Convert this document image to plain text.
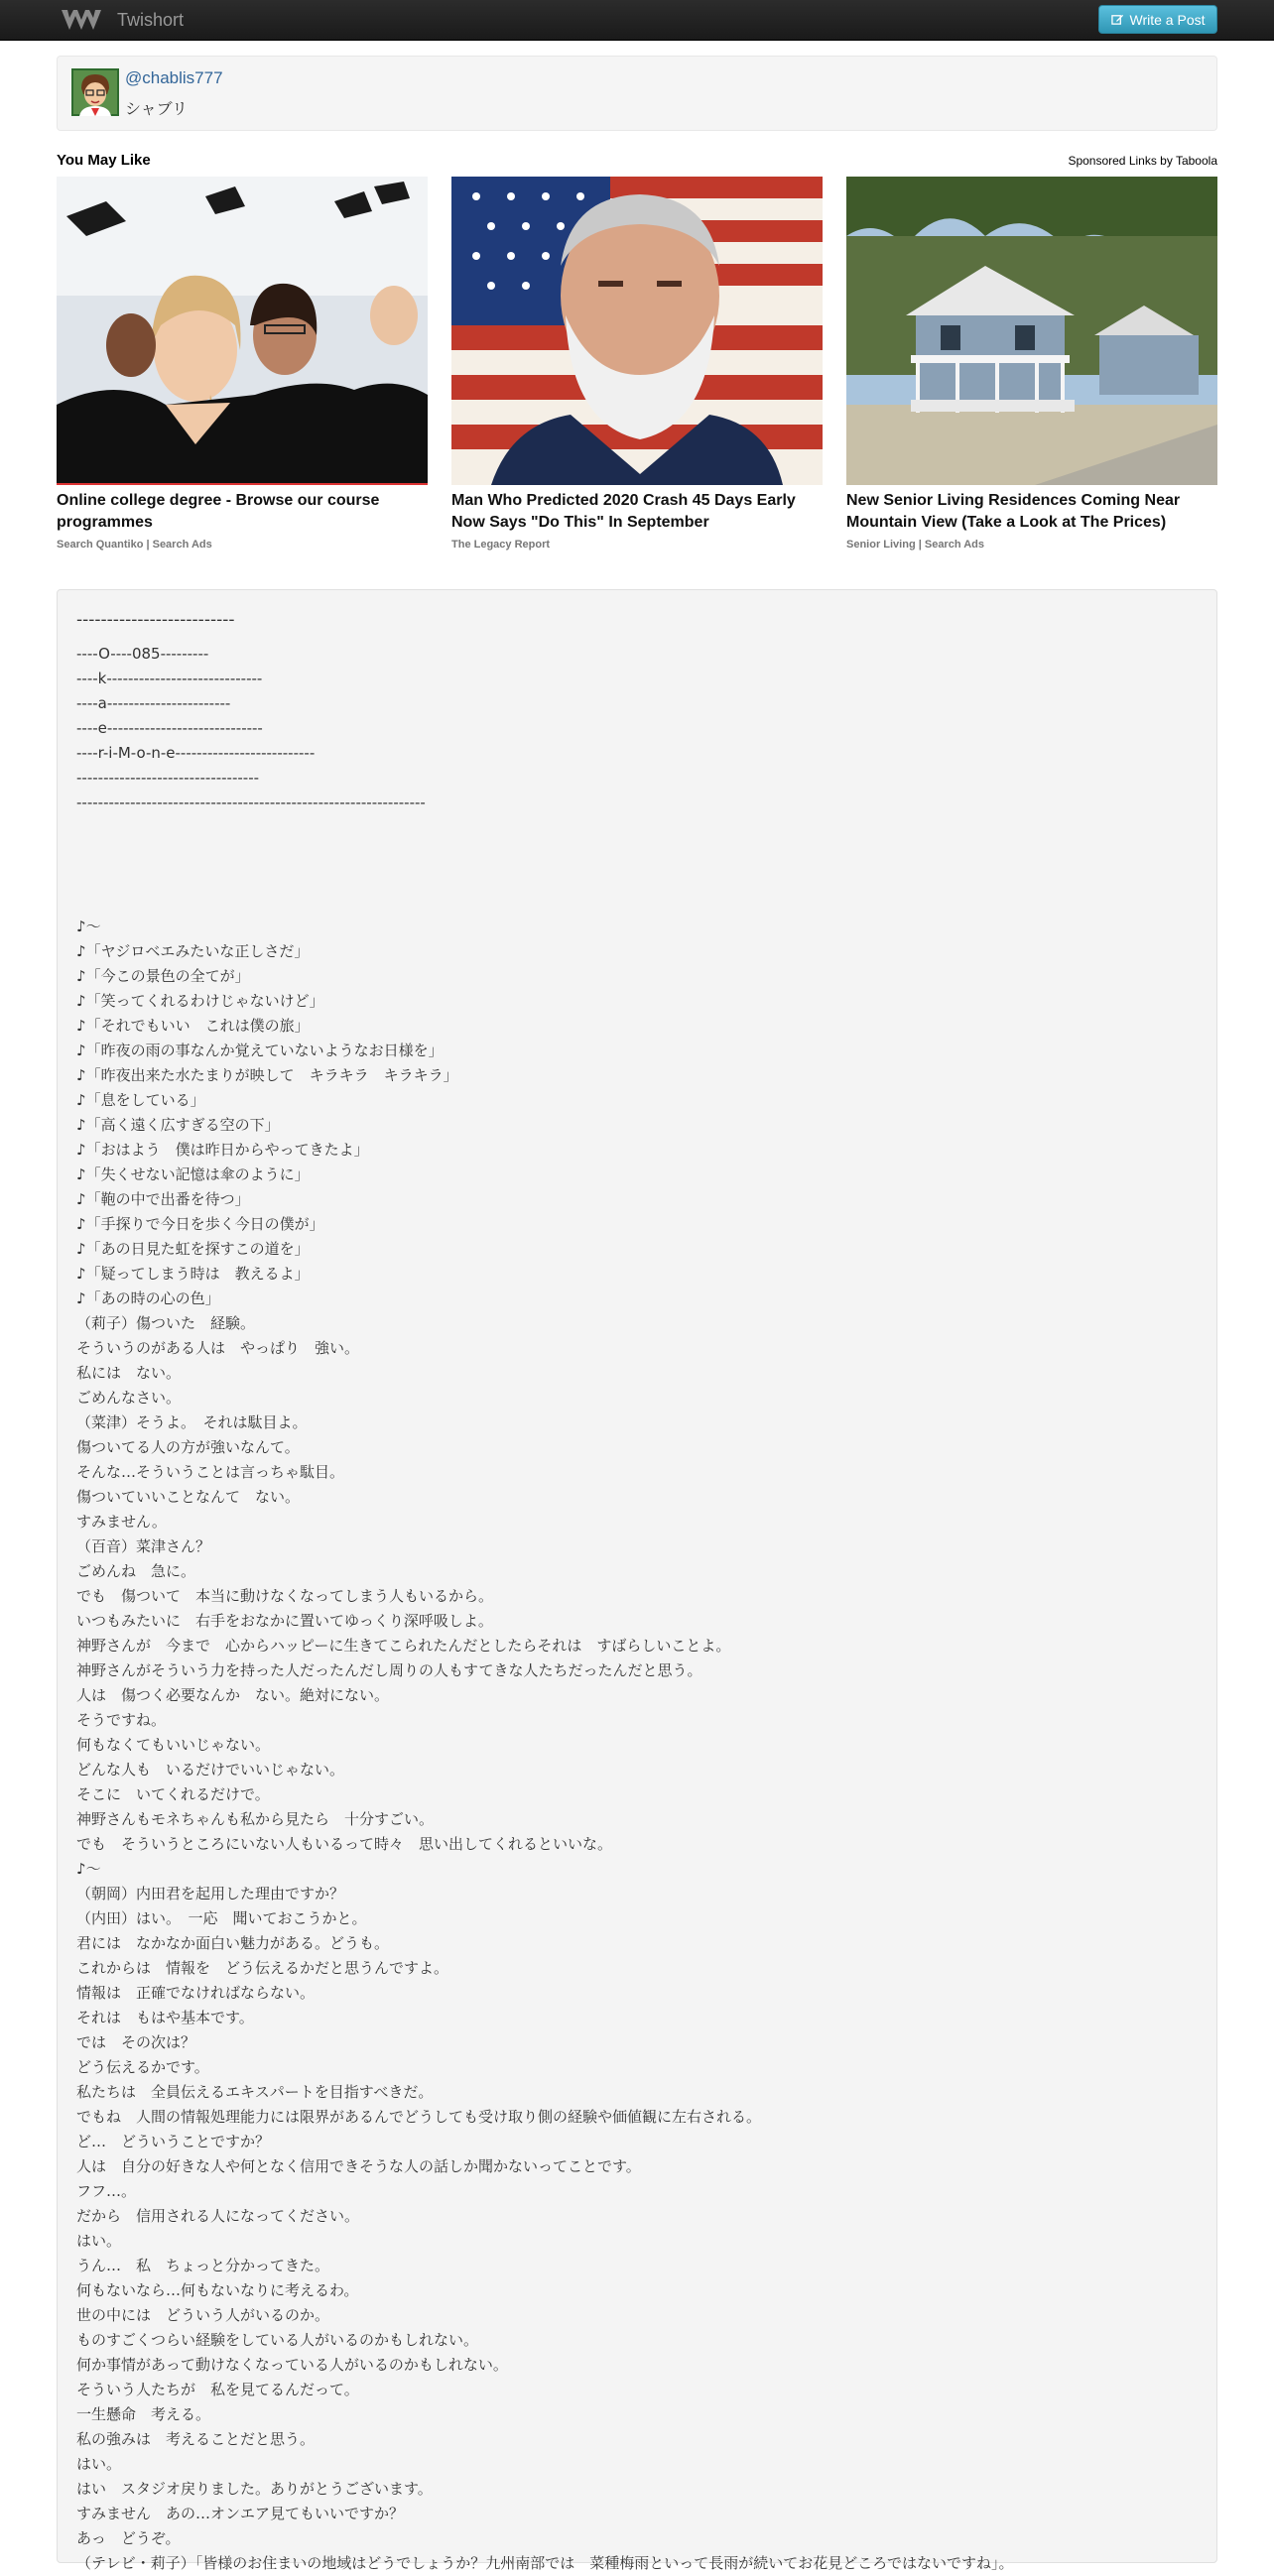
Twishort	Write a Post
@chablis777
シャブリ
You May Like	Sponsored Links by Taboola
Online college degree - Browse our course programmes
Search Quantiko | Search Ads
Man Who Predicted 2020 Crash 45 Days Early Now Says "Do This" In September
The Legacy Report
New Senior Living Residences Coming Near Mountain View (Take a Look at The Prices)
Senior Living | Search Ads
--------------------------
----O----085---------
----k-----------------------------
----a-----------------------
----e-----------------------------
----r-i-M-o-n-e--------------------------
----------------------------------
-----------------------------------------------------------------
♪～
♪「ヤジロベエみたいな正しさだ」
♪「今この景色の全てが」
♪「笑ってくれるわけじゃないけど」
♪「それでもいい　これは僕の旅」
♪「昨夜の雨の事なんか覚えていないようなお日様を」
♪「昨夜出来た水たまりが映して　キラキラ　キラキラ」
♪「息をしている」
♪「高く遠く広すぎる空の下」
♪「おはよう　僕は昨日からやってきたよ」
♪「失くせない記憶は傘のように」
♪「鞄の中で出番を待つ」
♪「手探りで今日を歩く今日の僕が」
♪「あの日見た虹を探すこの道を」
♪「疑ってしまう時は　教えるよ」
♪「あの時の心の色」
（莉子）傷ついた　経験。
そういうのがある人は　やっぱり　強い。
私には　ない。
ごめんなさい。
（菜津）そうよ。　それは駄目よ。
傷ついてる人の方が強いなんて。
そんな…そういうことは言っちゃ駄目。
傷ついていいことなんて　ない。
すみません。
（百音）菜津さん？
ごめんね　急に。
でも　傷ついて　本当に動けなくなってしまう人もいるから。
いつもみたいに　右手をおなかに置いてゆっくり深呼吸しよ。
神野さんが　今まで　心からハッピーに生きてこられたんだとしたらそれは　すばらしいことよ。
神野さんがそういう力を持った人だったんだし周りの人もすてきな人たちだったんだと思う。
人は　傷つく必要なんか　ない。絶対にない。
そうですね。
何もなくてもいいじゃない。
どんな人も　いるだけでいいじゃない。
そこに　いてくれるだけで。
神野さんもモネちゃんも私から見たら　十分すごい。
でも　そういうところにいない人もいるって時々　思い出してくれるといいな。
♪～
（朝岡）内田君を起用した理由ですか？
（内田）はい。　一応　聞いておこうかと。
君には　なかなか面白い魅力がある。どうも。
これからは　情報を　どう伝えるかだと思うんですよ。
情報は　正確でなければならない。
それは　もはや基本です。
では　その次は？
どう伝えるかです。
私たちは　全員伝えるエキスパートを目指すべきだ。
でもね　人間の情報処理能力には限界があるんでどうしても受け取り側の経験や価値観に左右される。
ど…　どういうことですか？
人は　自分の好きな人や何となく信用できそうな人の話しか聞かないってことです。
フフ…。
だから　信用される人になってください。
はい。
うん…　私　ちょっと分かってきた。
何もないなら…何もないなりに考えるわ。
世の中には　どういう人がいるのか。
ものすごくつらい経験をしている人がいるのかもしれない。
何か事情があって動けなくなっている人がいるのかもしれない。
そういう人たちが　私を見てるんだって。
一生懸命　考える。
私の強みは　考えることだと思う。
はい。
はい　スタジオ戻りました。ありがとうございます。
すみません　あの…オンエア見てもいいですか？
あっ　どうぞ。
（テレビ・莉子）「皆様のお住まいの地域はどうでしょうか？九州南部では　菜種梅雨といって長雨が続いてお花見どころではないですね」。
